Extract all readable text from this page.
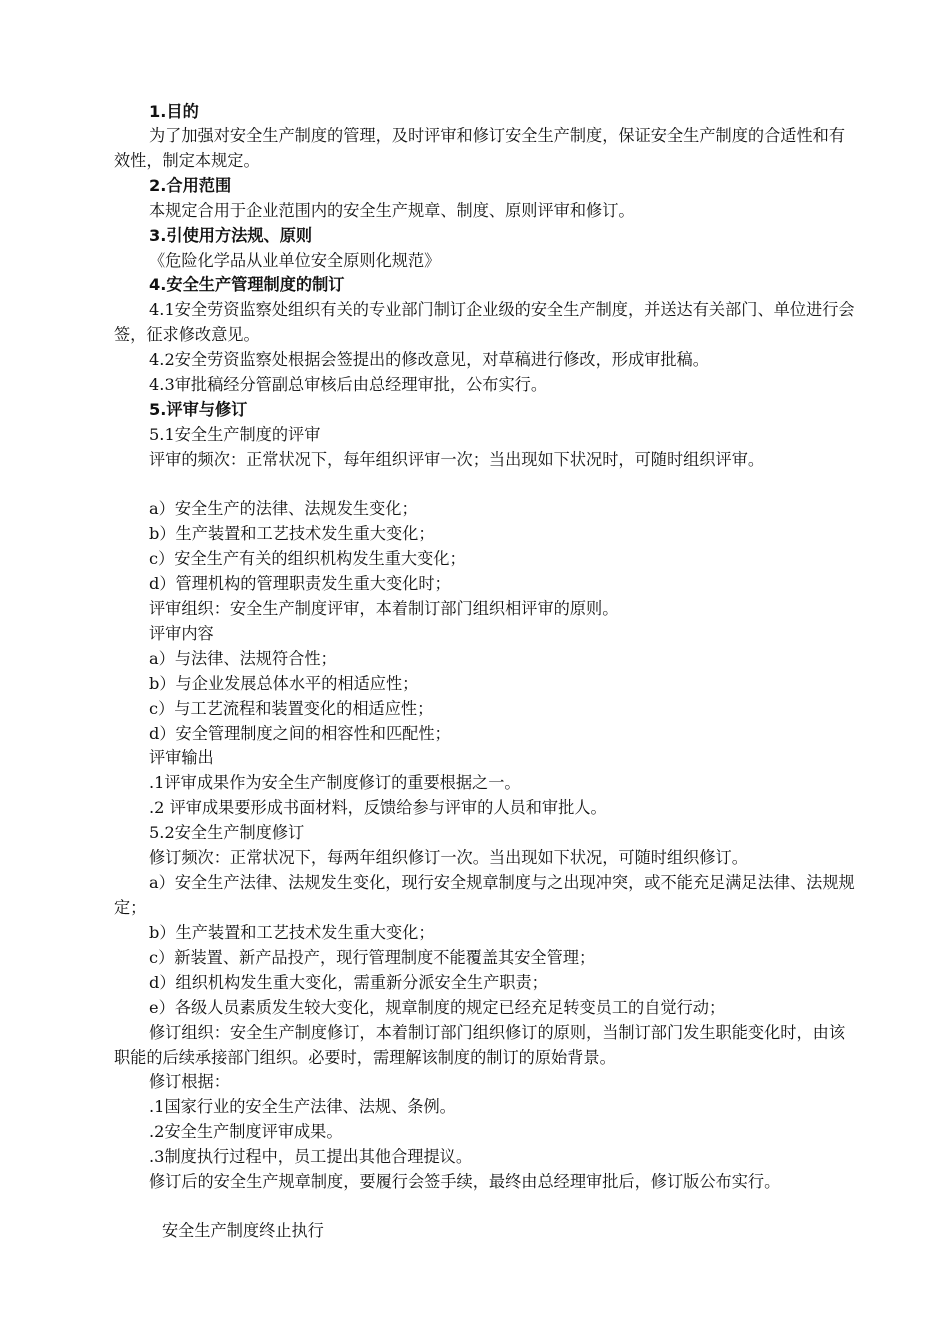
1.目的
为了加强对安全生产制度的管理，及时评审和修订安全生产制度，保证安全生产制度的合适性和有效性，制定本规定。
2.合用范围
本规定合用于企业范围内的安全生产规章、制度、原则评审和修订。
3.引使用方法规、原则
《危险化学品从业单位安全原则化规范》
4.安全生产管理制度的制订
4.1安全劳资监察处组织有关的专业部门制订企业级的安全生产制度，并送达有关部门、单位进行会签，征求修改意见。
4.2安全劳资监察处根据会签提出的修改意见，对草稿进行修改，形成审批稿。
4.3审批稿经分管副总审核后由总经理审批，公布实行。
5.评审与修订
5.1安全生产制度的评审
评审的频次：正常状况下，每年组织评审一次；当出现如下状况时，可随时组织评审。
a）安全生产的法律、法规发生变化；
b）生产装置和工艺技术发生重大变化；
c）安全生产有关的组织机构发生重大变化；
d）管理机构的管理职责发生重大变化时；
评审组织：安全生产制度评审，本着制订部门组织相评审的原则。
评审内容
a）与法律、法规符合性；
b）与企业发展总体水平的相适应性；
c）与工艺流程和装置变化的相适应性；
d）安全管理制度之间的相容性和匹配性；
评审输出
.1评审成果作为安全生产制度修订的重要根据之一。
.2 评审成果要形成书面材料，反馈给参与评审的人员和审批人。
5.2安全生产制度修订
修订频次：正常状况下，每两年组织修订一次。当出现如下状况，可随时组织修订。
a）安全生产法律、法规发生变化，现行安全规章制度与之出现冲突，或不能充足满足法律、法规规定；
b）生产装置和工艺技术发生重大变化；
c）新装置、新产品投产，现行管理制度不能覆盖其安全管理；
d）组织机构发生重大变化，需重新分派安全生产职责；
e）各级人员素质发生较大变化，规章制度的规定已经充足转变员工的自觉行动；
修订组织：安全生产制度修订，本着制订部门组织修订的原则，当制订部门发生职能变化时，由该职能的后续承接部门组织。必要时，需理解该制度的制订的原始背景。
修订根据：
.1国家行业的安全生产法律、法规、条例。
.2安全生产制度评审成果。
.3制度执行过程中，员工提出其他合理提议。
修订后的安全生产规章制度，要履行会签手续，最终由总经理审批后，修订版公布实行。
安全生产制度终止执行
